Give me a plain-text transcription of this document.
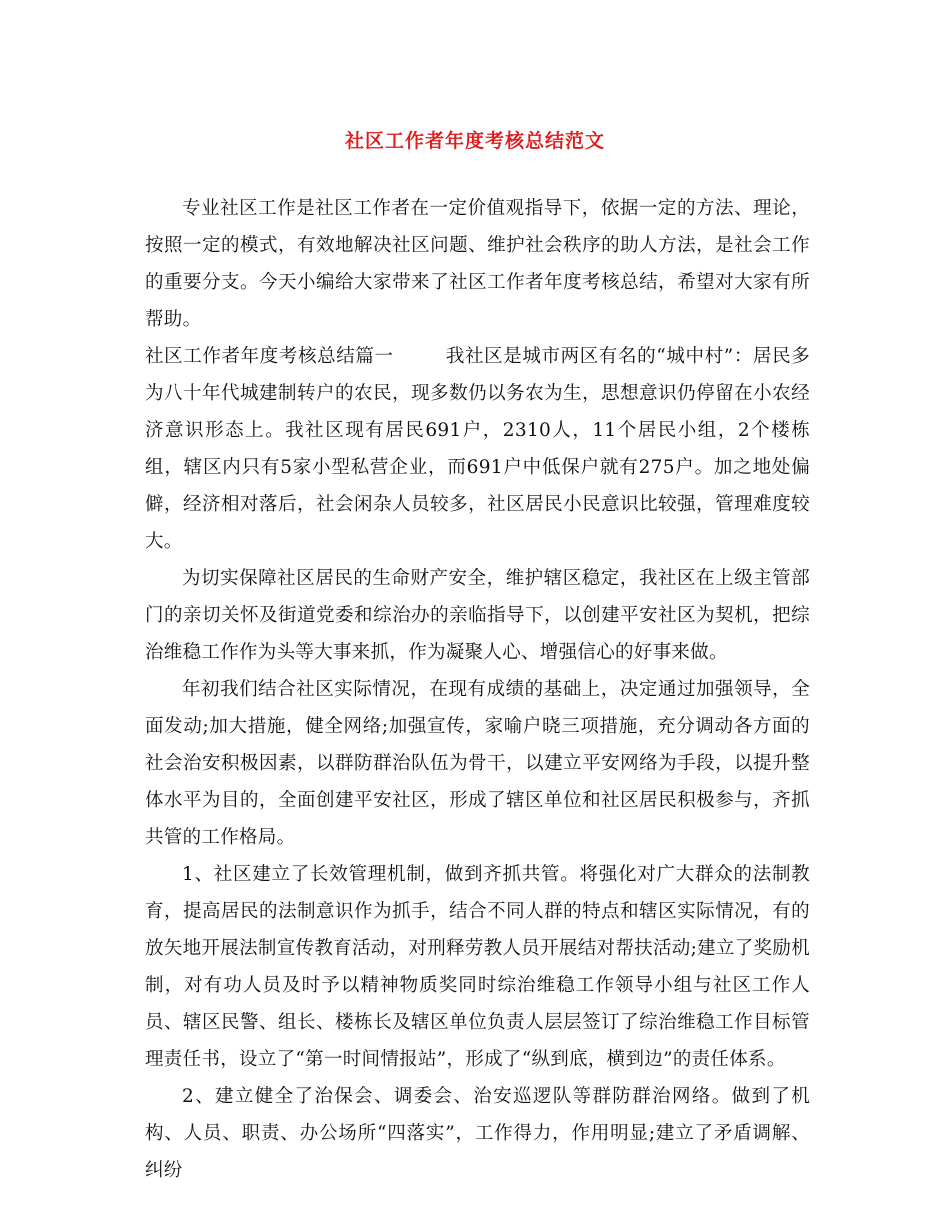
社区工作者年度考核总结范文

专业社区工作是社区工作者在一定价值观指导下，依据一定的方法、理论，按照一定的模式，有效地解决社区问题、维护社会秩序的助人方法，是社会工作的重要分支。今天小编给大家带来了社区工作者年度考核总结，希望对大家有所帮助。

社区工作者年度考核总结篇一	我社区是城市两区有名的“城中村”：居民多为八十年代城建制转户的农民，现多数仍以务农为生，思想意识仍停留在小农经济意识形态上。我社区现有居民691户，2310人，11个居民小组，2个楼栋组，辖区内只有5家小型私营企业，而691户中低保户就有275户。加之地处偏僻，经济相对落后，社会闲杂人员较多，社区居民小民意识比较强，管理难度较大。

为切实保障社区居民的生命财产安全，维护辖区稳定，我社区在上级主管部门的亲切关怀及街道党委和综治办的亲临指导下，以创建平安社区为契机，把综治维稳工作作为头等大事来抓，作为凝聚人心、增强信心的好事来做。

年初我们结合社区实际情况，在现有成绩的基础上，决定通过加强领导，全面发动;加大措施，健全网络;加强宣传，家喻户晓三项措施，充分调动各方面的社会治安积极因素，以群防群治队伍为骨干，以建立平安网络为手段，以提升整体水平为目的，全面创建平安社区，形成了辖区单位和社区居民积极参与，齐抓共管的工作格局。

1、社区建立了长效管理机制，做到齐抓共管。将强化对广大群众的法制教育，提高居民的法制意识作为抓手，结合不同人群的特点和辖区实际情况，有的放矢地开展法制宣传教育活动，对刑释劳教人员开展结对帮扶活动;建立了奖励机制，对有功人员及时予以精神物质奖同时综治维稳工作领导小组与社区工作人员、辖区民警、组长、楼栋长及辖区单位负责人层层签订了综治维稳工作目标管理责任书，设立了“第一时间情报站”，形成了“纵到底，横到边”的责任体系。

2、建立健全了治保会、调委会、治安巡逻队等群防群治网络。做到了机构、人员、职责、办公场所“四落实”，工作得力，作用明显;建立了矛盾调解、纠纷
